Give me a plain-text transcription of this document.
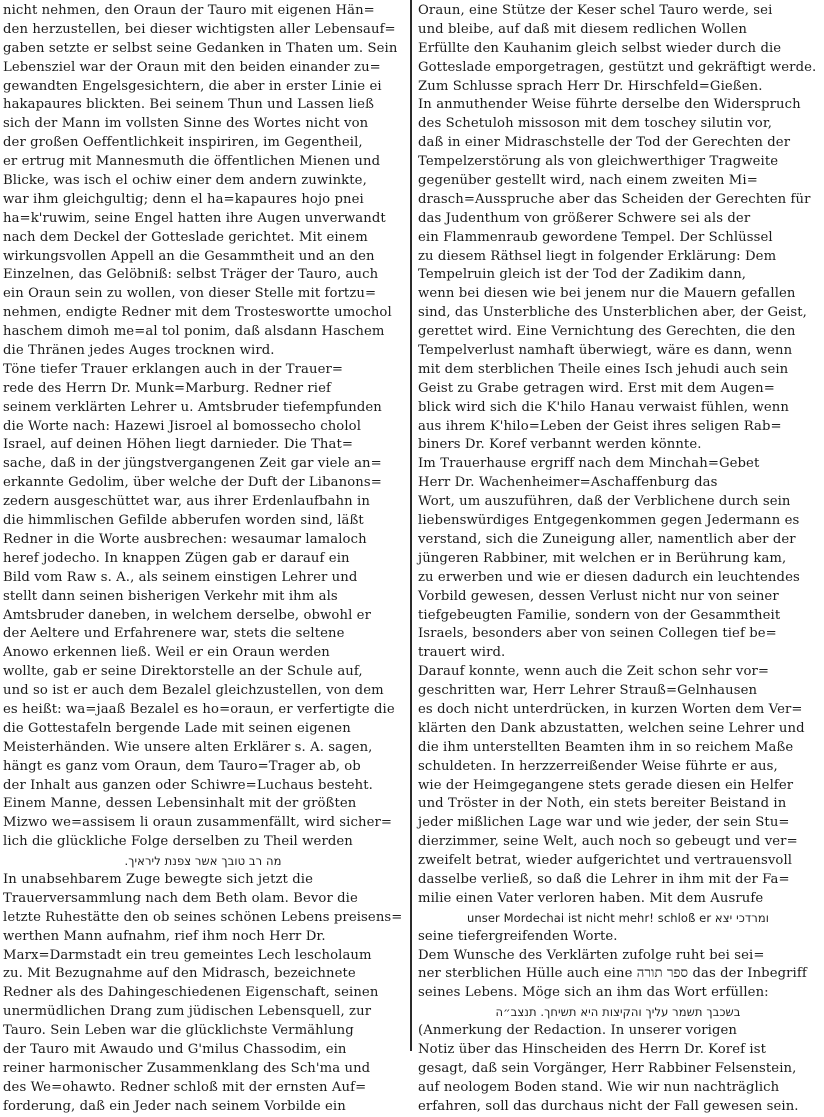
nicht nehmen, den Oraun der Tauro mit eigenen Hän=
den herzustellen, bei dieser wichtigsten aller Lebensauf=
gaben setzte er selbst seine Gedanken in Thaten um. Sein
Lebensziel war der Oraun mit den beiden einander zu=
gewandten Engelsgesichtern, die aber in erster Linie ei
hakapaures blickten. Bei seinem Thun und Lassen ließ
sich der Mann im vollsten Sinne des Wortes nicht von
der großen Oeffentlichkeit inspiriren, im Gegentheil,
er ertrug mit Mannesmuth die öffentlichen Mienen und
Blicke, was isch el ochiw einer dem andern zuwinkte,
war ihm gleichgultig; denn el ha=kapaures hojo pnei
ha=k'ruwim, seine Engel hatten ihre Augen unverwandt
nach dem Deckel der Gotteslade gerichtet. Mit einem
wirkungsvollen Appell an die Gesammtheit und an den
Einzelnen, das Gelöbniß: selbst Träger der Tauro, auch
ein Oraun sein zu wollen, von dieser Stelle mit fortzu=
nehmen, endigte Redner mit dem Trosteswortte umochol
haschem dimoh me=al tol ponim, daß alsdann Haschem
die Thränen jedes Auges trocknen wird.
Töne tiefer Trauer erklangen auch in der Trauer=
rede des Herrn Dr. Munk=Marburg. Redner rief
seinem verklärten Lehrer u. Amtsbruder tiefempfunden
die Worte nach: Hazewi Jisroel al bomossecho cholol
Israel, auf deinen Höhen liegt darnieder. Die That=
sache, daß in der jüngstvergangenen Zeit gar viele an=
erkannte Gedolim, über welche der Duft der Libanons=
zedern ausgeschüttet war, aus ihrer Erdenlaufbahn in
die himmlischen Gefilde abberufen worden sind, läßt
Redner in die Worte ausbrechen: wesaumar lamaloch
heref jodecho. In knappen Zügen gab er darauf ein
Bild vom Raw s. A., als seinem einstigen Lehrer und
stellt dann seinen bisherigen Verkehr mit ihm als
Amtsbruder daneben, in welchem derselbe, obwohl er
der Aeltere und Erfahrenere war, stets die seltene
Anowo erkennen ließ. Weil er ein Oraun werden
wollte, gab er seine Direktorstelle an der Schule auf,
und so ist er auch dem Bezalel gleichzustellen, von dem
es heißt: wa=jaaß Bezalel es ho=oraun, er verfertigte die
die Gottestafeln bergende Lade mit seinen eigenen
Meisterhänden. Wie unsere alten Erklärer s. A. sagen,
hängt es ganz vom Oraun, dem Tauro=Trager ab, ob
der Inhalt aus ganzen oder Schiwre=Luchaus besteht.
Einem Manne, dessen Lebensinhalt mit der größten
Mizwo we=assisem li oraun zusammenfällt, wird sicher=
lich die glückliche Folge derselben zu Theil werden
מה רב טובך אשר צפנת ליראיך.
In unabsehbarem Zuge bewegte sich jetzt die
Trauerversammlung nach dem Beth olam. Bevor die
letzte Ruhestätte den ob seines schönen Lebens preisens=
werthen Mann aufnahm, rief ihm noch Herr Dr.
Marx=Darmstadt ein treu gemeintes Lech lescholaum
zu. Mit Bezugnahme auf den Midrasch, bezeichnete
Redner als des Dahingeschiedenen Eigenschaft, seinen
unermüdlichen Drang zum jüdischen Lebensquell, zur
Tauro. Sein Leben war die glücklichste Vermählung
der Tauro mit Awaudo und G'milus Chassodim, ein
reiner harmonischer Zusammenklang des Sch'ma und
des We=ohawto. Redner schloß mit der ernsten Auf=
forderung, daß ein Jeder nach seinem Vorbilde ein
Oraun, eine Stütze der Keser schel Tauro werde, sei
und bleibe, auf daß mit diesem redlichen Wollen
Erfüllte den Kauhanim gleich selbst wieder durch die
Gotteslade emporgetragen, gestützt und gekräftigt werde.
Zum Schlusse sprach Herr Dr. Hirschfeld=Gießen.
In anmuthender Weise führte derselbe den Widerspruch
des Schetuloh missoson mit dem toschey silutin vor,
daß in einer Midraschstelle der Tod der Gerechten der
Tempelzerstörung als von gleichwerthiger Tragweite
gegenüber gestellt wird, nach einem zweiten Mi=
drasch=Ausspruche aber das Scheiden der Gerechten für
das Judenthum von größerer Schwere sei als der
ein Flammenraub gewordene Tempel. Der Schlüssel
zu diesem Räthsel liegt in folgender Erklärung: Dem
Tempelruin gleich ist der Tod der Zadikim dann,
wenn bei diesen wie bei jenem nur die Mauern gefallen
sind, das Unsterbliche des Unsterblichen aber, der Geist,
gerettet wird. Eine Vernichtung des Gerechten, die den
Tempelverlust namhaft überwiegt, wäre es dann, wenn
mit dem sterblichen Theile eines Isch jehudi auch sein
Geist zu Grabe getragen wird. Erst mit dem Augen=
blick wird sich die K'hilo Hanau verwaist fühlen, wenn
aus ihrem K'hilo=Leben der Geist ihres seligen Rab=
biners Dr. Koref verbannt werden könnte.
Im Trauerhause ergriff nach dem Minchah=Gebet
Herr Dr. Wachenheimer=Aschaffenburg das
Wort, um auszuführen, daß der Verblichene durch sein
liebenswürdiges Entgegenkommen gegen Jedermann es
verstand, sich die Zuneigung aller, namentlich aber der
jüngeren Rabbiner, mit welchen er in Berührung kam,
zu erwerben und wie er diesen dadurch ein leuchtendes
Vorbild gewesen, dessen Verlust nicht nur von seiner
tiefgebeugten Familie, sondern von der Gesammtheit
Israels, besonders aber von seinen Collegen tief be=
trauert wird.
Darauf konnte, wenn auch die Zeit schon sehr vor=
geschritten war, Herr Lehrer Strauß=Gelnhausen
es doch nicht unterdrücken, in kurzen Worten dem Ver=
klärten den Dank abzustatten, welchen seine Lehrer und
die ihm unterstellten Beamten ihm in so reichem Maße
schuldeten. In herzzerreißender Weise führte er aus,
wie der Heimgegangene stets gerade diesen ein Helfer
und Tröster in der Noth, ein stets bereiter Beistand in
jeder mißlichen Lage war und wie jeder, der sein Stu=
dierzimmer, seine Welt, auch noch so gebeugt und ver=
zweifelt betrat, wieder aufgerichtet und vertrauensvoll
dasselbe verließ, so daß die Lehrer in ihm mit der Fa=
milie einen Vater verloren haben. Mit dem Ausrufe
ומרדכי יצא unser Mordechai ist nicht mehr! schloß er
seine tiefergreifenden Worte.
Dem Wunsche des Verklärten zufolge ruht bei sei=
ner sterblichen Hülle auch eine ספר תורה das der Inbegriff
seines Lebens. Möge sich an ihm das Wort erfüllen:
בשכבך תשמר עליך והקיצות היא תשיחך. תנצב״ה
(Anmerkung der Redaction. In unserer vorigen
Notiz über das Hinscheiden des Herrn Dr. Koref ist
gesagt, daß sein Vorgänger, Herr Rabbiner Felsenstein,
auf neologem Boden stand. Wie wir nun nachträglich
erfahren, soll das durchaus nicht der Fall gewesen sein.
